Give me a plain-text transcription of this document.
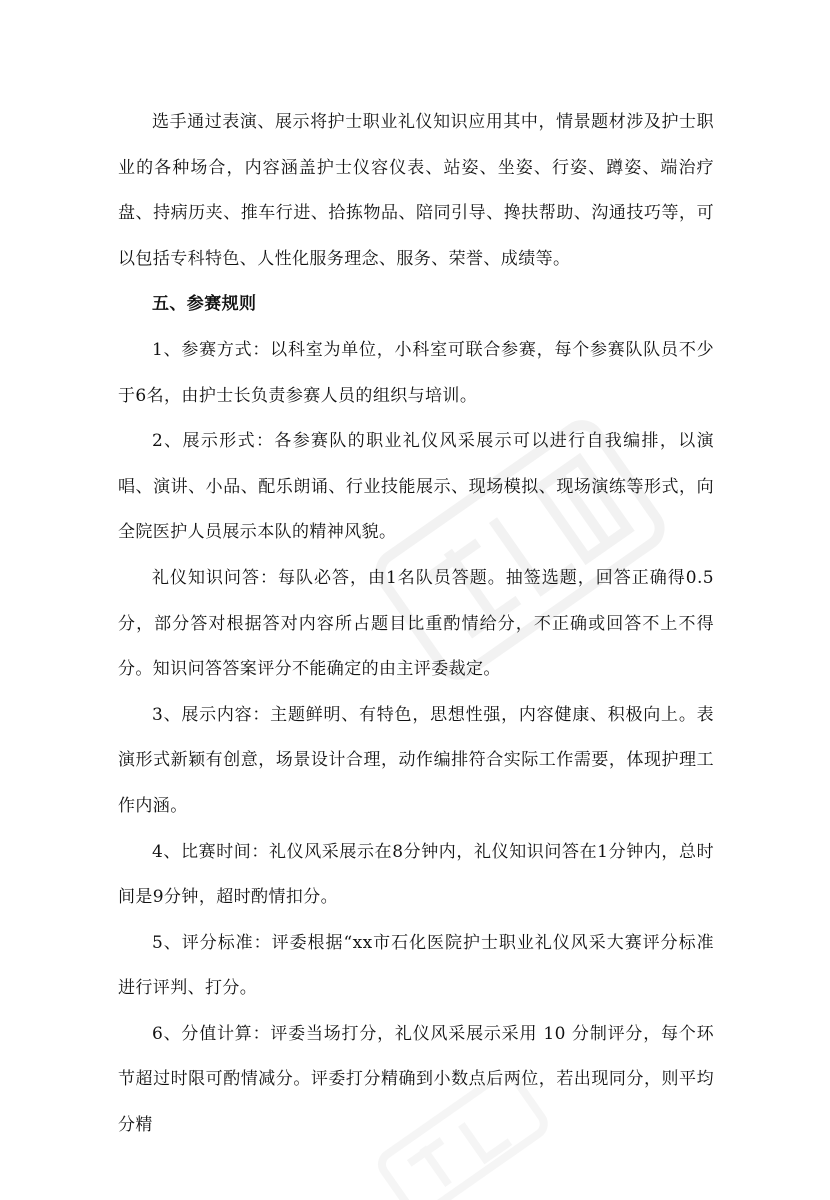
选手通过表演、展示将护士职业礼仪知识应用其中，情景题材涉及护士职业的各种场合，内容涵盖护士仪容仪表、站姿、坐姿、行姿、蹲姿、端治疗盘、持病历夹、推车行进、拾拣物品、陪同引导、搀扶帮助、沟通技巧等，可以包括专科特色、人性化服务理念、服务、荣誉、成绩等。

五、参赛规则

1、参赛方式：以科室为单位，小科室可联合参赛，每个参赛队队员不少于6名，由护士长负责参赛人员的组织与培训。

2、展示形式：各参赛队的职业礼仪风采展示可以进行自我编排，以演唱、演讲、小品、配乐朗诵、行业技能展示、现场模拟、现场演练等形式，向全院医护人员展示本队的精神风貌。

礼仪知识问答：每队必答，由1名队员答题。抽签选题，回答正确得0.5分，部分答对根据答对内容所占题目比重酌情给分，不正确或回答不上不得分。知识问答答案评分不能确定的由主评委裁定。

3、展示内容：主题鲜明、有特色，思想性强，内容健康、积极向上。表演形式新颖有创意，场景设计合理，动作编排符合实际工作需要，体现护理工作内涵。

4、比赛时间：礼仪风采展示在8分钟内，礼仪知识问答在1分钟内，总时间是9分钟，超时酌情扣分。

5、评分标准：评委根据“xx市石化医院护士职业礼仪风采大赛评分标准进行评判、打分。

6、分值计算：评委当场打分，礼仪风采展示采用 10 分制评分，每个环节超过时限可酌情减分。评委打分精确到小数点后两位，若出现同分，则平均分精
